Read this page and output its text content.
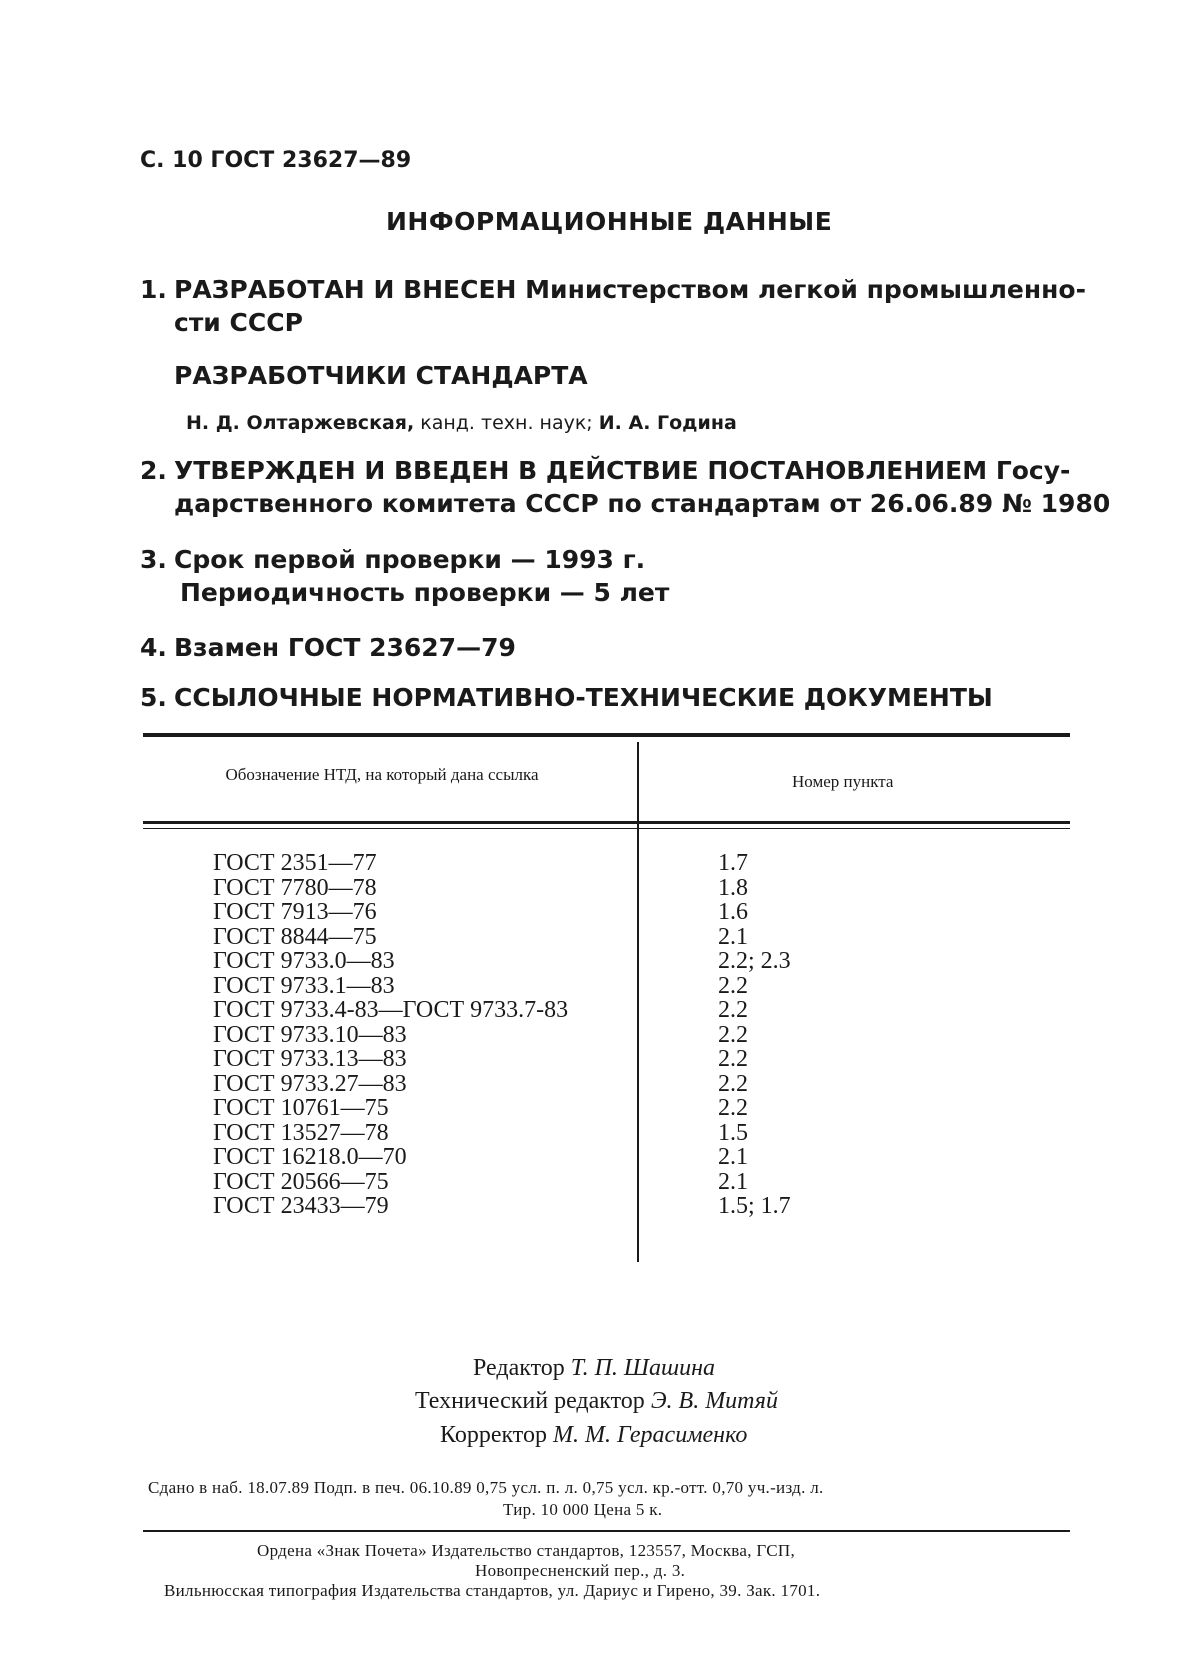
С. 10 ГОСТ 23627—89
ИНФОРМАЦИОННЫЕ ДАННЫЕ
1. РАЗРАБОТАН И ВНЕСЕН Министерством легкой промышленно-
сти СССР
РАЗРАБОТЧИКИ СТАНДАРТА
Н. Д. Олтаржевская, канд. техн. наук; И. А. Година
2. УТВЕРЖДЕН И ВВЕДЕН В ДЕЙСТВИЕ ПОСТАНОВЛЕНИЕМ Госу-
дарственного комитета СССР по стандартам от 26.06.89 № 1980
3. Срок первой проверки — 1993 г.
Периодичность проверки — 5 лет
4. Взамен ГОСТ 23627—79
5. ССЫЛОЧНЫЕ НОРМАТИВНО-ТЕХНИЧЕСКИЕ ДОКУМЕНТЫ
Обозначение НТД, на который дана ссылка	Номер пункта
ГОСТ 2351—77	1.7
ГОСТ 7780—78	1.8
ГОСТ 7913—76	1.6
ГОСТ 8844—75	2.1
ГОСТ 9733.0—83	2.2; 2.3
ГОСТ 9733.1—83	2.2
ГОСТ 9733.4-83—ГОСТ 9733.7-83	2.2
ГОСТ 9733.10—83	2.2
ГОСТ 9733.13—83	2.2
ГОСТ 9733.27—83	2.2
ГОСТ 10761—75	2.2
ГОСТ 13527—78	1.5
ГОСТ 16218.0—70	2.1
ГОСТ 20566—75	2.1
ГОСТ 23433—79	1.5; 1.7
Редактор Т. П. Шашина
Технический редактор Э. В. Митяй
Корректор М. М. Герасименко
Сдано в наб. 18.07.89 Подп. в печ. 06.10.89 0,75 усл. п. л. 0,75 усл. кр.-отт. 0,70 уч.-изд. л.
Тир. 10 000 Цена 5 к.
Ордена «Знак Почета» Издательство стандартов, 123557, Москва, ГСП,
Новопресненский пер., д. 3.
Вильнюсская типография Издательства стандартов, ул. Дариус и Гирено, 39. Зак. 1701.
